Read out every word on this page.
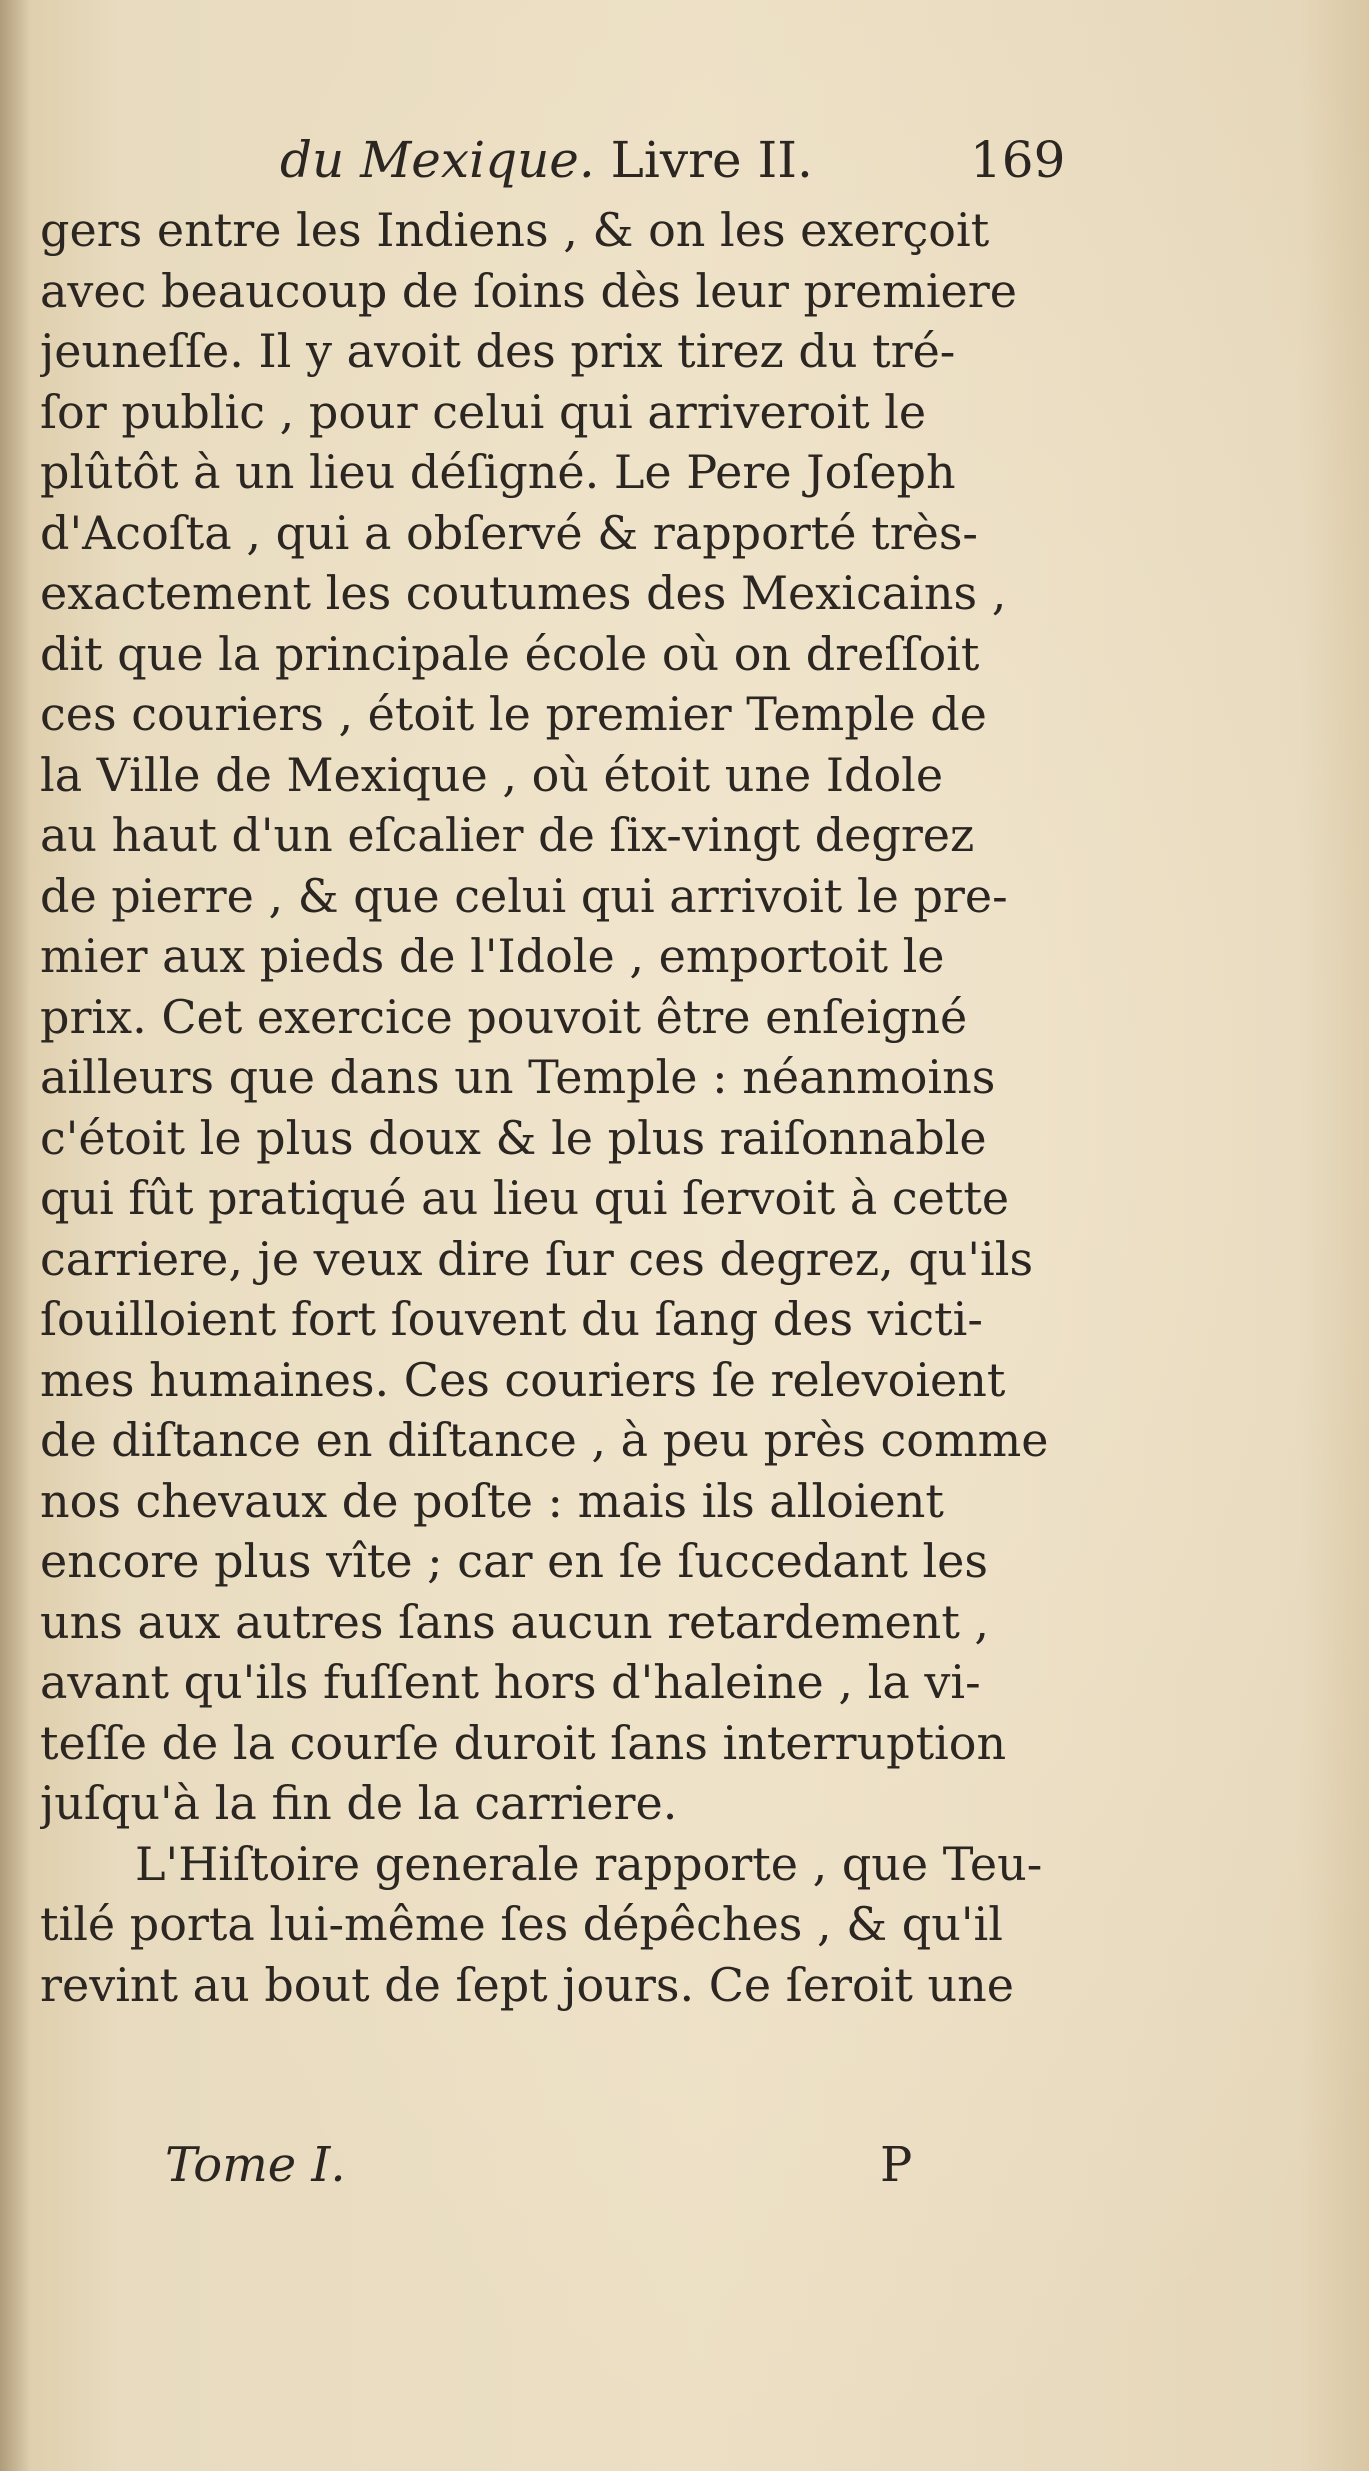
du Mexique. Livre II.	169
gers entre les Indiens , & on les exerçoit
avec beaucoup de ſoins dès leur premiere
jeuneſſe. Il y avoit des prix tirez du tré-
ſor public , pour celui qui arriveroit le
plûtôt à un lieu déſigné. Le Pere Joſeph
d'Acoſta , qui a obſervé & rapporté très-
exactement les coutumes des Mexicains ,
dit que la principale école où on dreſſoit
ces couriers , étoit le premier Temple de
la Ville de Mexique , où étoit une Idole
au haut d'un eſcalier de ſix-vingt degrez
de pierre , & que celui qui arrivoit le pre-
mier aux pieds de l'Idole , emportoit le
prix. Cet exercice pouvoit être enſeigné
ailleurs que dans un Temple : néanmoins
c'étoit le plus doux & le plus raiſonnable
qui fût pratiqué au lieu qui ſervoit à cette
carriere, je veux dire ſur ces degrez, qu'ils
ſouilloient fort ſouvent du ſang des victi-
mes humaines. Ces couriers ſe relevoient
de diſtance en diſtance , à peu près comme
nos chevaux de poſte : mais ils alloient
encore plus vîte ; car en ſe ſuccedant les
uns aux autres ſans aucun retardement ,
avant qu'ils fuſſent hors d'haleine , la vi-
teſſe de la courſe duroit ſans interruption
juſqu'à la fin de la carriere.
L'Hiſtoire generale rapporte , que Teu-
tilé porta lui-même ſes dépêches , & qu'il
revint au bout de ſept jours. Ce ſeroit une
Tome I.	P
